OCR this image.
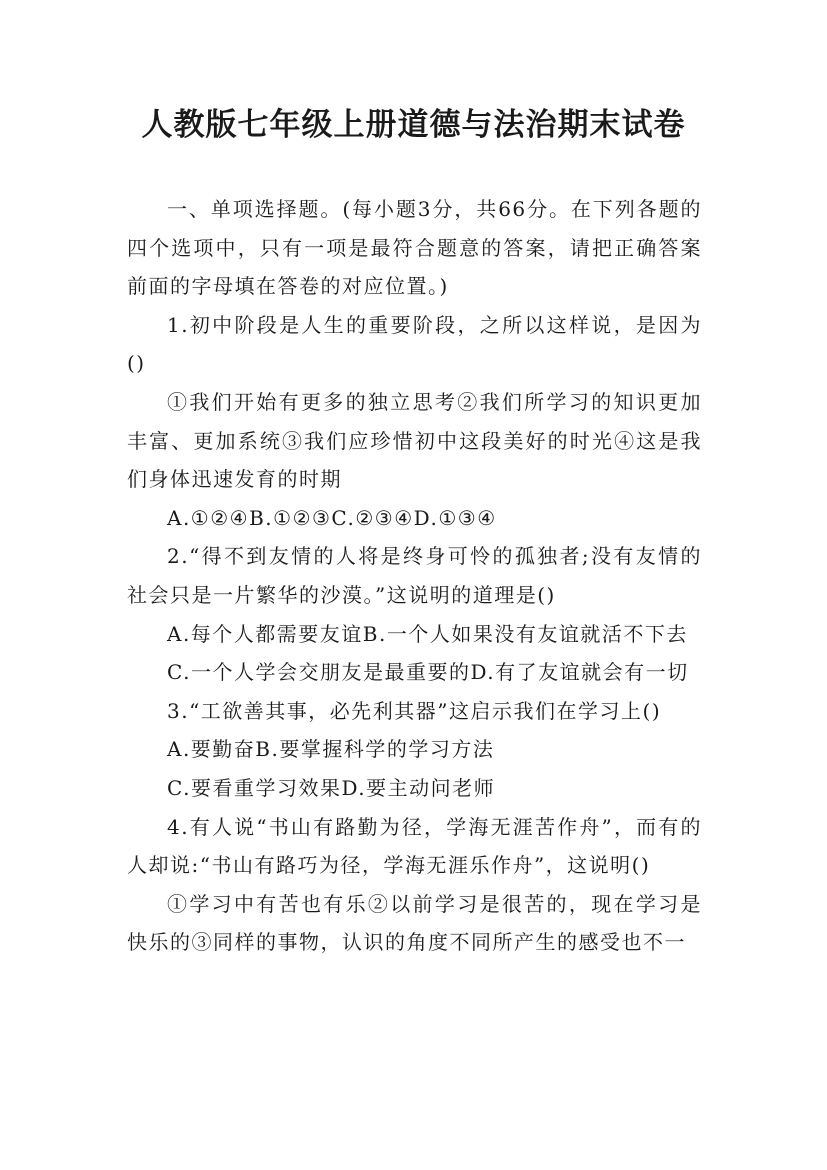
人教版七年级上册道德与法治期末试卷

一、单项选择题。(每小题3分，共66分。在下列各题的四个选项中，只有一项是最符合题意的答案，请把正确答案前面的字母填在答卷的对应位置。)

1.初中阶段是人生的重要阶段，之所以这样说，是因为()

①我们开始有更多的独立思考②我们所学习的知识更加丰富、更加系统③我们应珍惜初中这段美好的时光④这是我们身体迅速发育的时期

A.①②④B.①②③C.②③④D.①③④

2.“得不到友情的人将是终身可怜的孤独者;没有友情的社会只是一片繁华的沙漠。”这说明的道理是()

A.每个人都需要友谊B.一个人如果没有友谊就活不下去

C.一个人学会交朋友是最重要的D.有了友谊就会有一切

3.“工欲善其事，必先利其器”这启示我们在学习上()

A.要勤奋B.要掌握科学的学习方法

C.要看重学习效果D.要主动问老师

4.有人说“书山有路勤为径，学海无涯苦作舟”，而有的人却说:“书山有路巧为径，学海无涯乐作舟”，这说明()

①学习中有苦也有乐②以前学习是很苦的，现在学习是快乐的③同样的事物，认识的角度不同所产生的感受也不一
